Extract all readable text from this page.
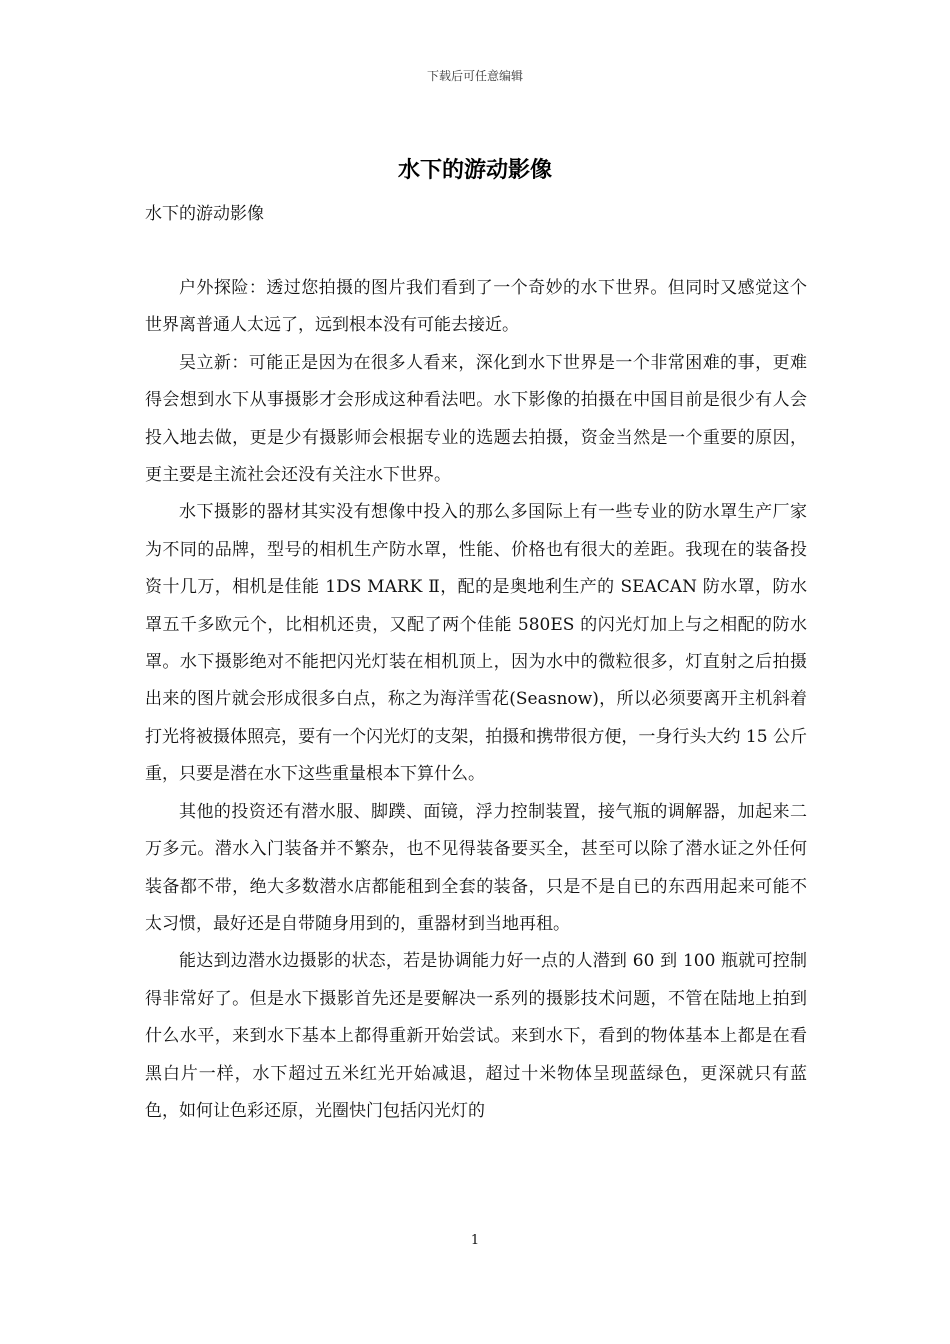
下载后可任意编辑
水下的游动影像
水下的游动影像

户外探险：透过您拍摄的图片我们看到了一个奇妙的水下世界。但同时又感觉这个世界离普通人太远了，远到根本没有可能去接近。

吴立新：可能正是因为在很多人看来，深化到水下世界是一个非常困难的事，更难得会想到水下从事摄影才会形成这种看法吧。水下影像的拍摄在中国目前是很少有人会投入地去做，更是少有摄影师会根据专业的选题去拍摄，资金当然是一个重要的原因，更主要是主流社会还没有关注水下世界。

水下摄影的器材其实没有想像中投入的那么多国际上有一些专业的防水罩生产厂家为不同的品牌，型号的相机生产防水罩，性能、价格也有很大的差距。我现在的装备投资十几万，相机是佳能 1DS MARK Ⅱ，配的是奥地利生产的 SEACAN 防水罩，防水罩五千多欧元个，比相机还贵，又配了两个佳能 580ES 的闪光灯加上与之相配的防水罩。水下摄影绝对不能把闪光灯装在相机顶上，因为水中的微粒很多，灯直射之后拍摄出来的图片就会形成很多白点，称之为海洋雪花(Seasnow)，所以必须要离开主机斜着打光将被摄体照亮，要有一个闪光灯的支架，拍摄和携带很方便，一身行头大约 15 公斤重，只要是潜在水下这些重量根本下算什么。

其他的投资还有潜水服、脚蹼、面镜，浮力控制装置，接气瓶的调解器，加起来二万多元。潜水入门装备并不繁杂，也不见得装备要买全，甚至可以除了潜水证之外任何装备都不带，绝大多数潜水店都能租到全套的装备，只是不是自已的东西用起来可能不太习惯，最好还是自带随身用到的，重器材到当地再租。

能达到边潜水边摄影的状态，若是协调能力好一点的人潜到 60 到 100 瓶就可控制得非常好了。但是水下摄影首先还是要解决一系列的摄影技术问题，不管在陆地上拍到什么水平，来到水下基本上都得重新开始尝试。来到水下，看到的物体基本上都是在看黑白片一样，水下超过五米红光开始减退，超过十米物体呈现蓝绿色，更深就只有蓝色，如何让色彩还原，光圈快门包括闪光灯的

1
